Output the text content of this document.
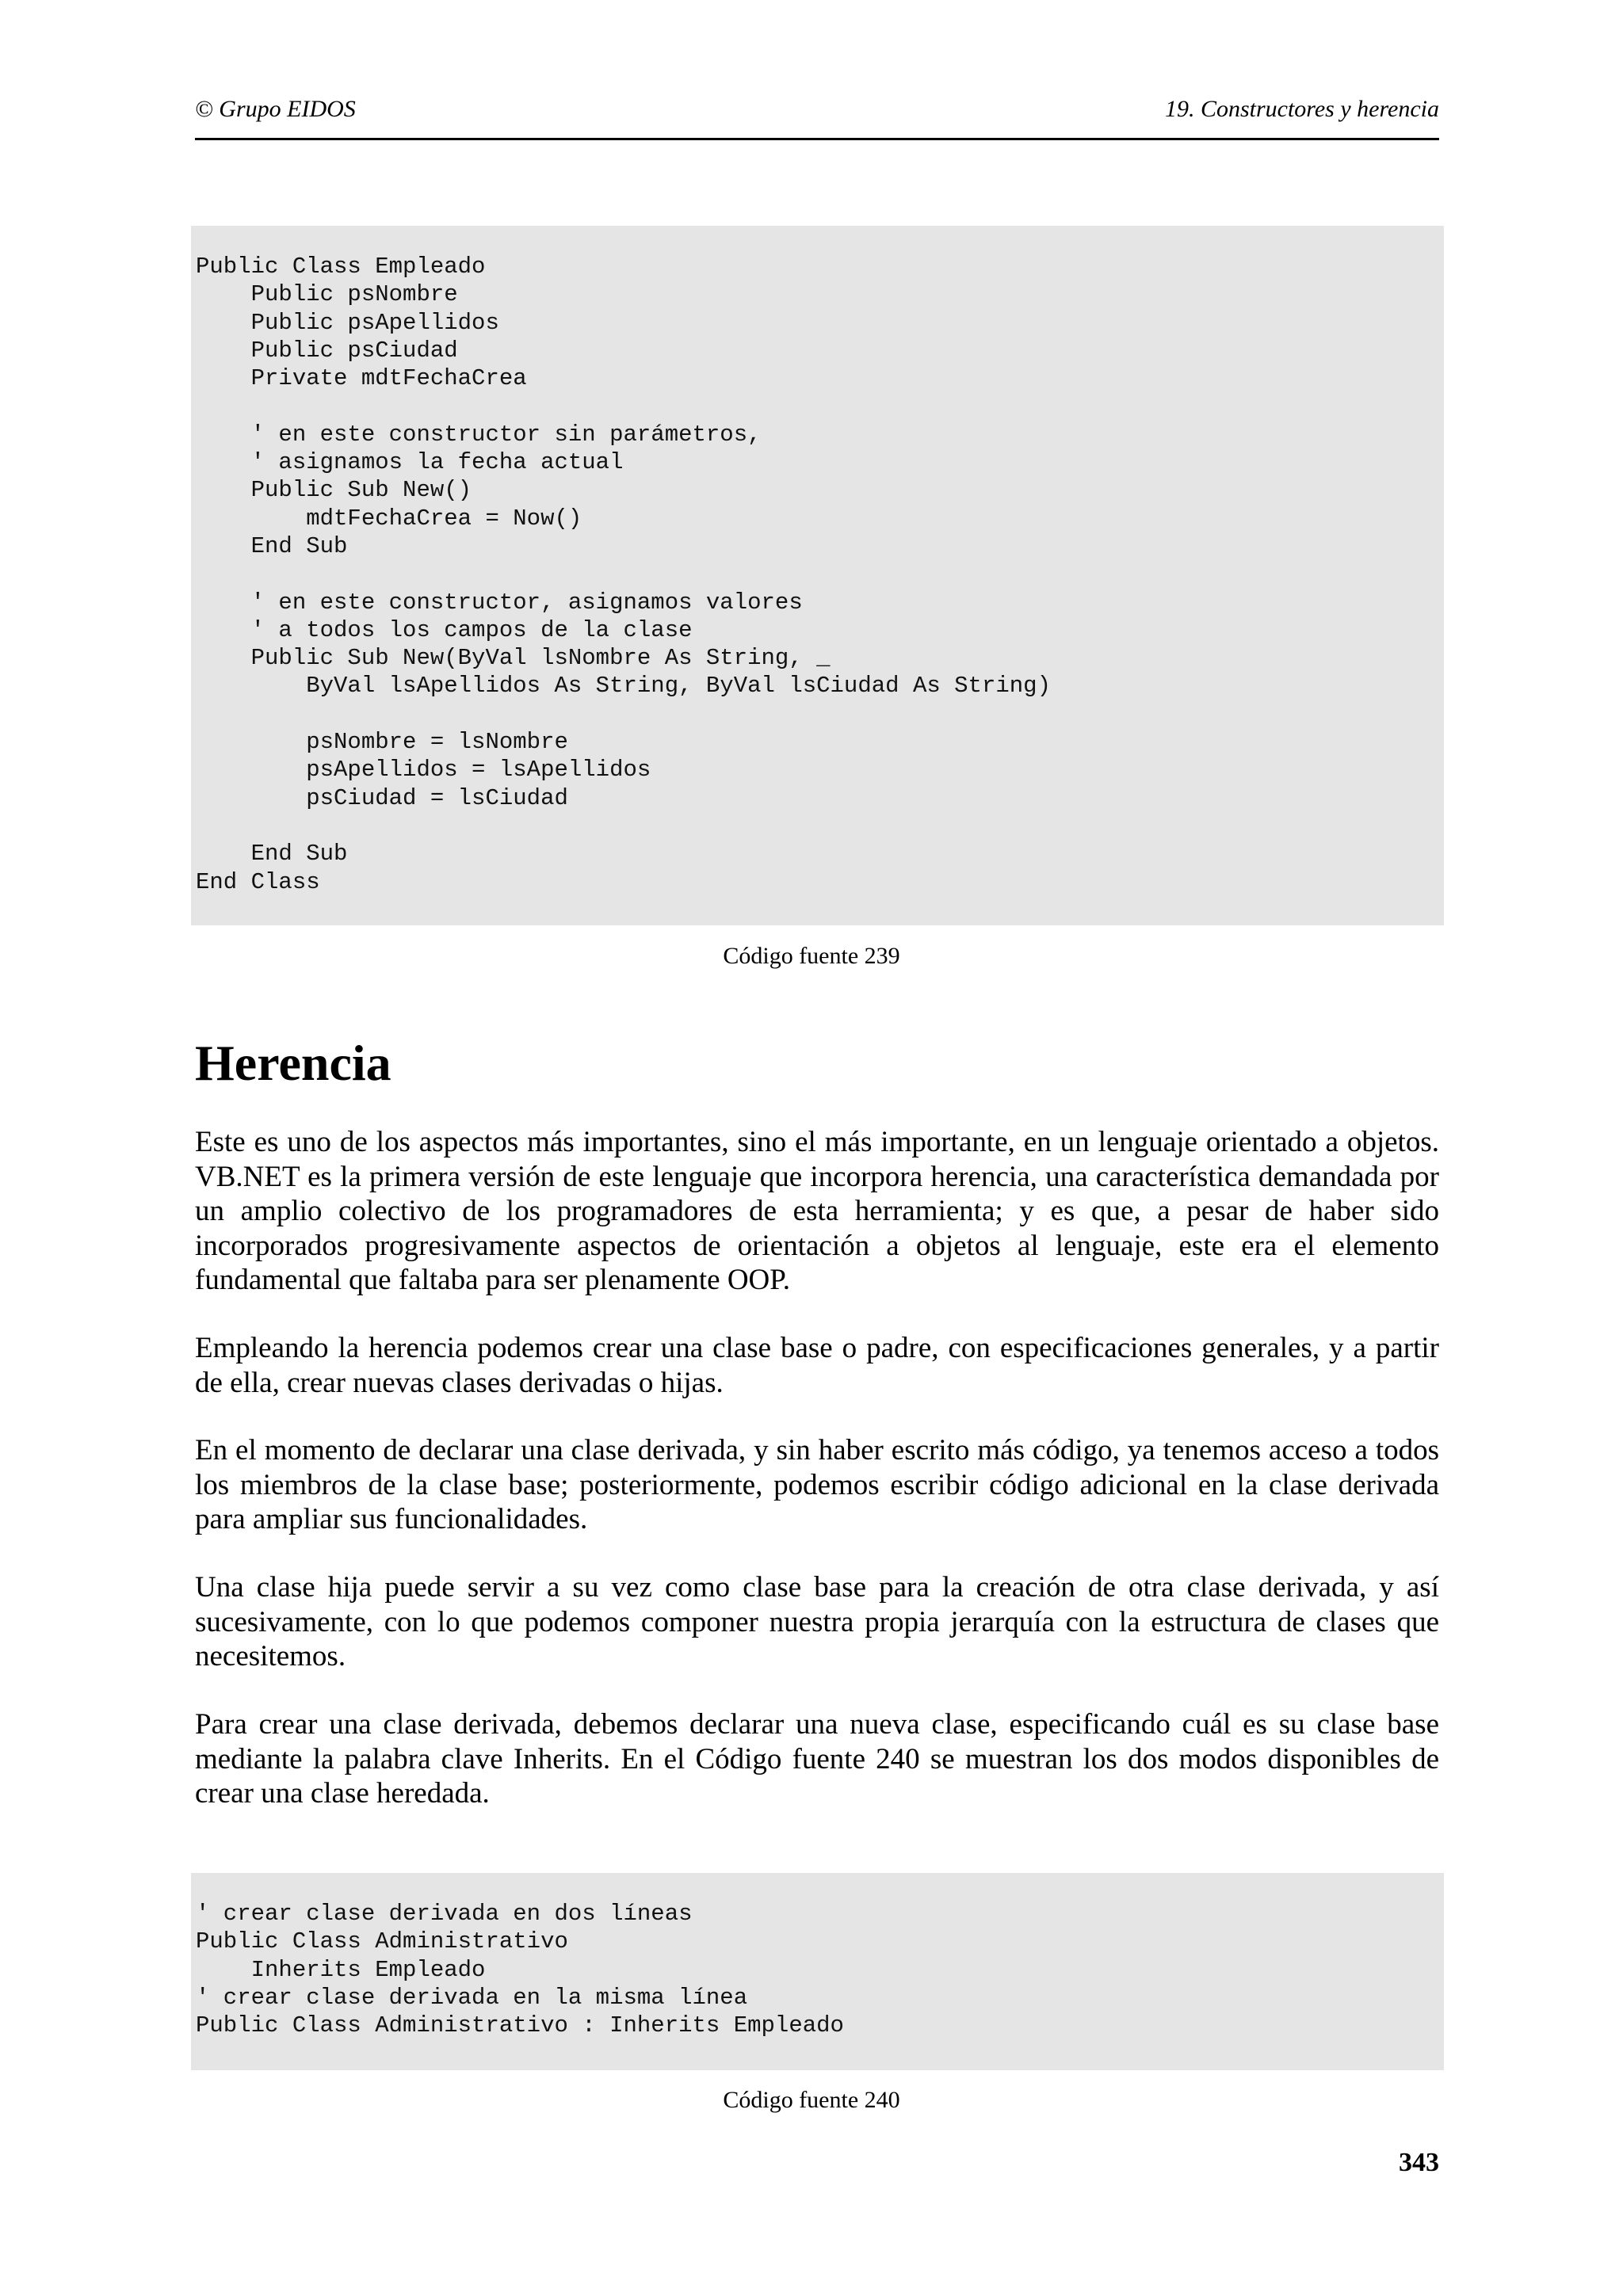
© Grupo EIDOS	19. Constructores y herencia
Public Class Empleado
Public psNombre
Public psApellidos
Public psCiudad
Private mdtFechaCrea

' en este constructor sin parámetros,
' asignamos la fecha actual
Public Sub New()
mdtFechaCrea = Now()
End Sub

' en este constructor, asignamos valores
' a todos los campos de la clase
Public Sub New(ByVal lsNombre As String, _
ByVal lsApellidos As String, ByVal lsCiudad As String)

psNombre = lsNombre
psApellidos = lsApellidos
psCiudad = lsCiudad

End Sub
End Class
Código fuente 239
Herencia

Este es uno de los aspectos más importantes, sino el más importante, en un lenguaje orientado a objetos. VB.NET es la primera versión de este lenguaje que incorpora herencia, una característica demandada por un amplio colectivo de los programadores de esta herramienta; y es que, a pesar de haber sido incorporados progresivamente aspectos de orientación a objetos al lenguaje, este era el elemento fundamental que faltaba para ser plenamente OOP.

Empleando la herencia podemos crear una clase base o padre, con especificaciones generales, y a partir de ella, crear nuevas clases derivadas o hijas.

En el momento de declarar una clase derivada, y sin haber escrito más código, ya tenemos acceso a todos los miembros de la clase base; posteriormente, podemos escribir código adicional en la clase derivada para ampliar sus funcionalidades.

Una clase hija puede servir a su vez como clase base para la creación de otra clase derivada, y así sucesivamente, con lo que podemos componer nuestra propia jerarquía con la estructura de clases que necesitemos.

Para crear una clase derivada, debemos declarar una nueva clase, especificando cuál es su clase base mediante la palabra clave Inherits. En el Código fuente 240 se muestran los dos modos disponibles de crear una clase heredada.

' crear clase derivada en dos líneas
Public Class Administrativo
Inherits Empleado
' crear clase derivada en la misma línea
Public Class Administrativo : Inherits Empleado
Código fuente 240
343
